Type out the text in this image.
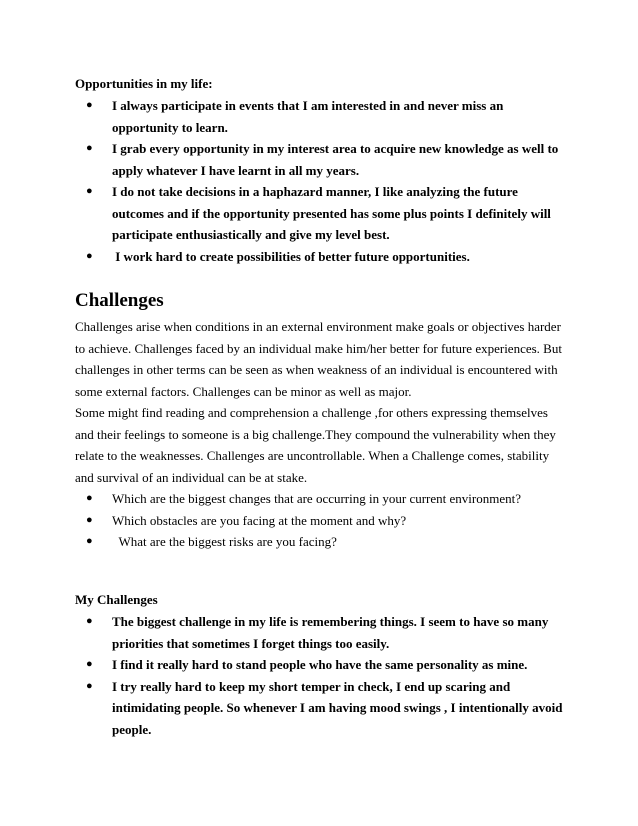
Opportunities in my life:
● I always participate in events that I am interested in and never miss an opportunity to learn.
● I grab every opportunity in my interest area to acquire new knowledge as well to apply whatever I have learnt in all my years.
● I do not take decisions in a haphazard manner, I like analyzing the future outcomes and if the opportunity presented has some plus points I definitely will participate enthusiastically and give my level best.
● I work hard to create possibilities of better future opportunities.
Challenges

Challenges arise when conditions in an external environment make goals or objectives harder to achieve. Challenges faced by an individual make him/her better for future experiences. But challenges in other terms can be seen as when weakness of an individual is encountered with some external factors. Challenges can be minor as well as major.

Some might find reading and comprehension a challenge ,for others expressing themselves and their feelings to someone is a big challenge.They compound the vulnerability when they relate to the weaknesses. Challenges are uncontrollable. When a Challenge comes, stability and survival of an individual can be at stake.

● Which are the biggest changes that are occurring in your current environment?
● Which obstacles are you facing at the moment and why?
● What are the biggest risks are you facing?
My Challenges
● The biggest challenge in my life is remembering things. I seem to have so many priorities that sometimes I forget things too easily.
● I find it really hard to stand people who have the same personality as mine.
● I try really hard to keep my short temper in check, I end up scaring and intimidating people. So whenever I am having mood swings , I intentionally avoid people.
